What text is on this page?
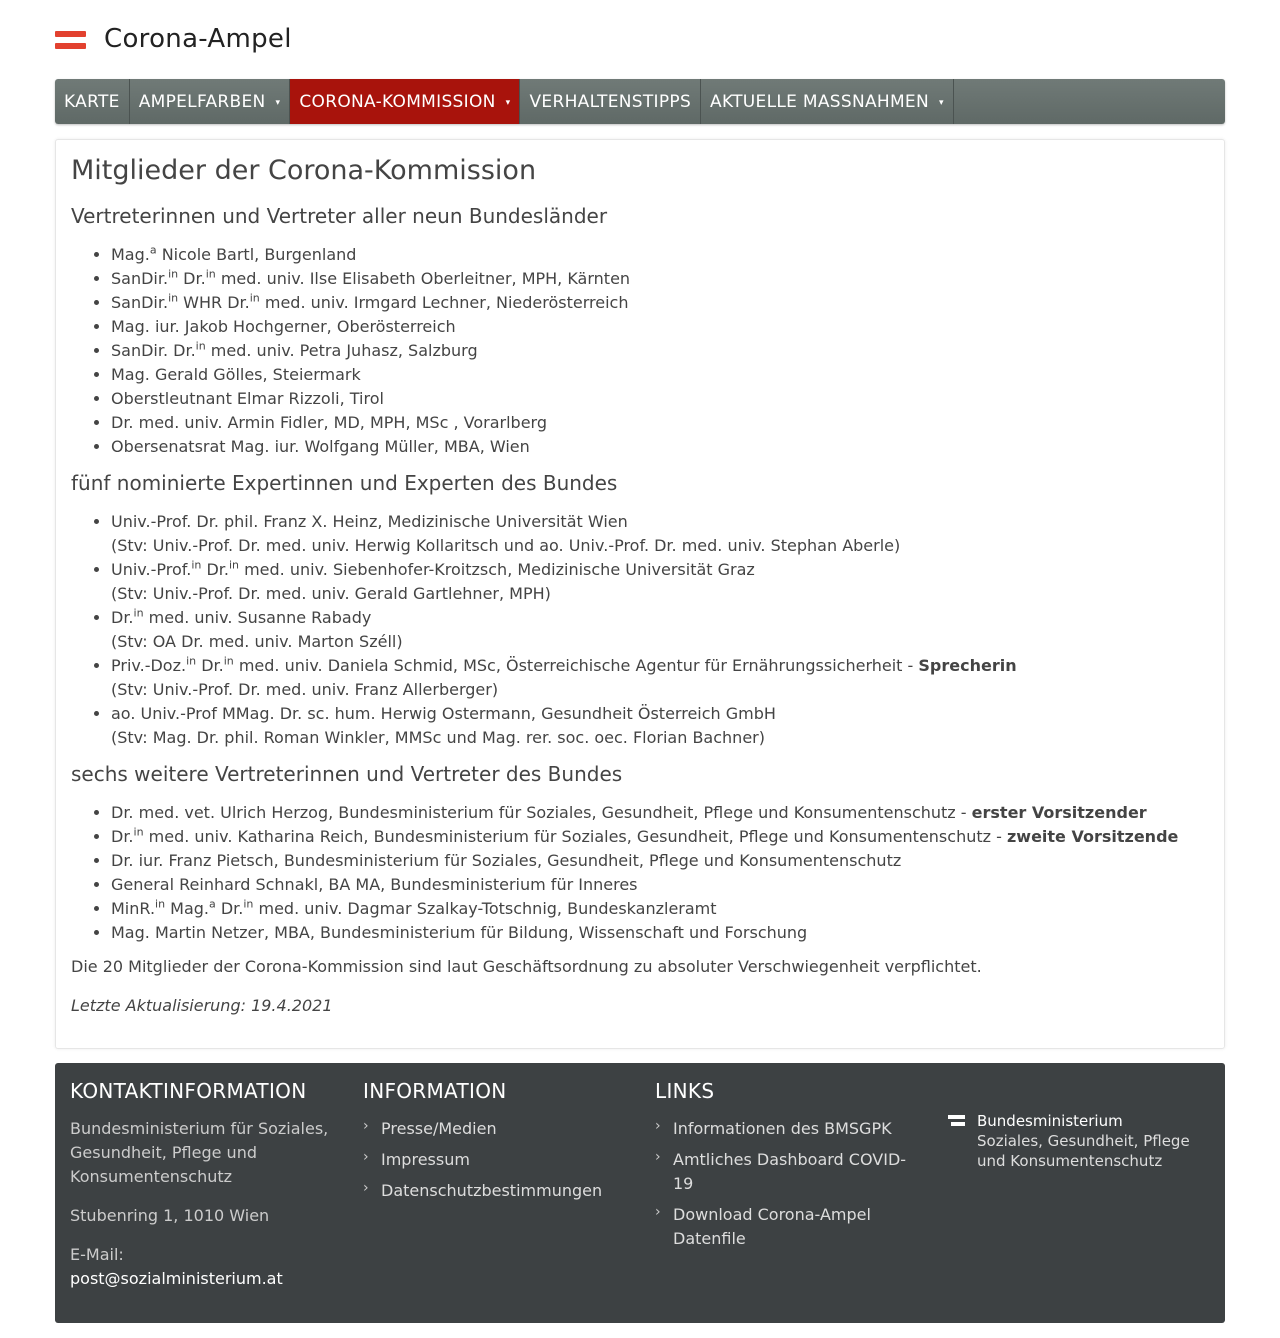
Corona-Ampel
KARTE AMPELFARBEN ▾ CORONA-KOMMISSION ▾ VERHALTENSTIPPS AKTUELLE MASSNAHMEN ▾
Mitglieder der Corona-Kommission
Vertreterinnen und Vertreter aller neun Bundesländer
• Mag.$^a$ Nicole Bartl, Burgenland
• SanDir.$^{in}$ Dr.$^{in}$ med. univ. Ilse Elisabeth Oberleitner, MPH, Kärnten
• SanDir.$^{in}$ WHR Dr.$^{in}$ med. univ. Irmgard Lechner, Niederösterreich
• Mag. iur. Jakob Hochgerner, Oberösterreich
• SanDir. Dr.$^{in}$ med. univ. Petra Juhasz, Salzburg
• Mag. Gerald Gölles, Steiermark
• Oberstleutnant Elmar Rizzoli, Tirol
• Dr. med. univ. Armin Fidler, MD, MPH, MSc , Vorarlberg
• Obersenatsrat Mag. iur. Wolfgang Müller, MBA, Wien
fünf nominierte Expertinnen und Experten des Bundes
• Univ.-Prof. Dr. phil. Franz X. Heinz, Medizinische Universität Wien
(Stv: Univ.-Prof. Dr. med. univ. Herwig Kollaritsch und ao. Univ.-Prof. Dr. med. univ. Stephan Aberle)
• Univ.-Prof.$^{in}$ Dr.$^{in}$ med. univ. Siebenhofer-Kroitzsch, Medizinische Universität Graz
(Stv: Univ.-Prof. Dr. med. univ. Gerald Gartlehner, MPH)
• Dr.$^{in}$ med. univ. Susanne Rabady
(Stv: OA Dr. med. univ. Marton Széll)
• Priv.-Doz.$^{in}$ Dr.$^{in}$ med. univ. Daniela Schmid, MSc, Österreichische Agentur für Ernährungssicherheit - Sprecherin
(Stv: Univ.-Prof. Dr. med. univ. Franz Allerberger)
• ao. Univ.-Prof MMag. Dr. sc. hum. Herwig Ostermann, Gesundheit Österreich GmbH
(Stv: Mag. Dr. phil. Roman Winkler, MMSc und Mag. rer. soc. oec. Florian Bachner)
sechs weitere Vertreterinnen und Vertreter des Bundes
• Dr. med. vet. Ulrich Herzog, Bundesministerium für Soziales, Gesundheit, Pflege und Konsumentenschutz - erster Vorsitzender
• Dr.$^{in}$ med. univ. Katharina Reich, Bundesministerium für Soziales, Gesundheit, Pflege und Konsumentenschutz - zweite Vorsitzende
• Dr. iur. Franz Pietsch, Bundesministerium für Soziales, Gesundheit, Pflege und Konsumentenschutz
• General Reinhard Schnakl, BA MA, Bundesministerium für Inneres
• MinR.$^{in}$ Mag.$^a$ Dr.$^{in}$ med. univ. Dagmar Szalkay-Totschnig, Bundeskanzleramt
• Mag. Martin Netzer, MBA, Bundesministerium für Bildung, Wissenschaft und Forschung

Die 20 Mitglieder der Corona-Kommission sind laut Geschäftsordnung zu absoluter Verschwiegenheit verpflichtet.

Letzte Aktualisierung: 19.4.2021

KONTAKTINFORMATION

Bundesministerium für Soziales,
Gesundheit, Pflege und
Konsumentenschutz

Stubenring 1, 1010 Wien

E-Mail:
post@sozialministerium.at

INFORMATION
› Presse/Medien
› Impressum
› Datenschutzbestimmungen
LINKS
› Informationen des BMSGPK
› Amtliches Dashboard COVID-
19
› Download Corona-Ampel
Datenfile
Bundesministerium
Soziales, Gesundheit, Pflege
und Konsumentenschutz
